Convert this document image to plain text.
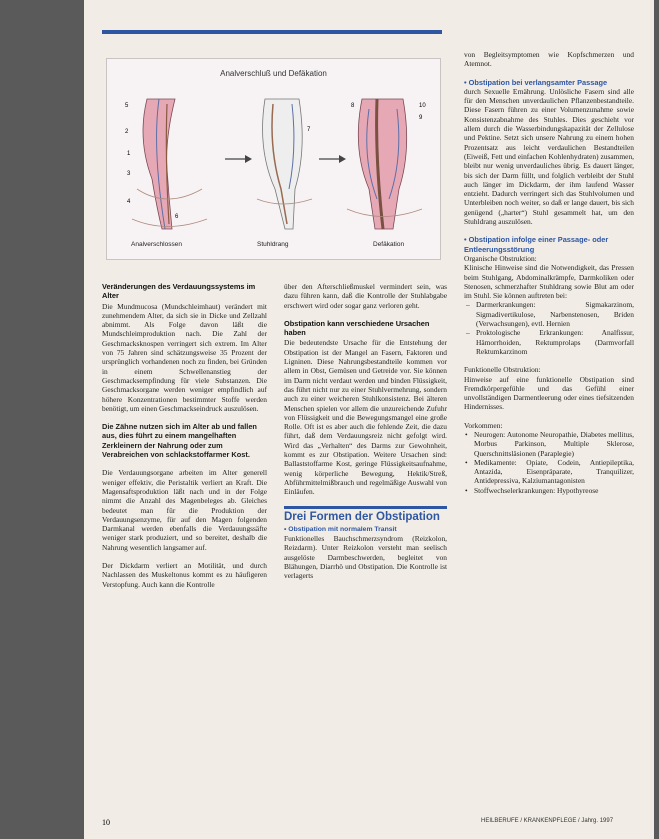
Analverschluß und Defäkation
5
2
1
3
4
6
7
8
9
10
Analverschlossen	Stuhldrang	Defäkation
Veränderungen des Verdauungssystems im Alter

Die Mundmucosa (Mundschleimhaut) verändert mit zunehmendem Alter, da sich sie in Dicke und Zellzahl abnimmt. Als Folge davon läßt die Mundschleimproduktion nach. Die Zahl der Geschmacksknospen verringert sich extrem. Im Alter von 75 Jahren sind schätzungsweise 35 Prozent der ursprünglich vorhandenen noch zu finden, bei Gründen in einem Schwellenanstieg der Geschmacksempfindung für viele Substanzen. Die Geschmacksorgane werden weniger empfindlich auf höhere Konzentrationen bestimmter Stoffe werden benötigt, um einen Geschmackseindruck auszulösen.

Die Zähne nutzen sich im Alter ab und fallen aus, dies führt zu einem mangelhaften Zerkleinern der Nahrung oder zum Verabreichen von schlackstoffarmer Kost.

Die Verdauungsorgane arbeiten im Alter generell weniger effektiv, die Peristaltik verliert an Kraft. Die Magensaftsproduktion läßt nach und in der Folge nimmt die Anzahl des Magenbeleges ab. Gleiches bedeutet man für die Produktion der Verdauungsenzyme, für auf den Magen folgenden Darmkanal werden ebenfalls die Verdauungssäfte weniger stark produziert, und so bereitet, deshalb die Nahrung wesentlich langsamer auf.

Der Dickdarm verliert an Motilität, und durch Nachlassen des Muskeltonus kommt es zu häufigeren Verstopfung. Auch kann die Kontrolle

über den Afterschließmuskel vermindert sein, was dazu führen kann, daß die Kontrolle der Stuhlabgabe erschwert wird oder sogar ganz verloren geht.

Obstipation kann verschiedene Ursachen haben

Die bedeutendste Ursache für die Entstehung der Obstipation ist der Mangel an Fasern, Faktoren und Ligninen. Diese Nahrungsbestandteile kommen vor allem in Obst, Gemüsen und Getreide vor. Sie können im Darm nicht verdaut werden und binden Flüssigkeit, das führt nicht nur zu einer Stuhlvermehrung, sondern auch zu einer weicheren Stuhlkonsistenz. Bei älteren Menschen spielen vor allem die unzureichende Zufuhr von Flüssigkeit und die Bewegungsmangel eine große Rolle. Oft ist es aber auch die fehlende Zeit, die dazu führt, daß dem Verdauungsreiz nicht gefolgt wird. Wird das „Verhalten“ des Darms zur Gewohnheit, kommt es zur Obstipation. Weitere Ursachen sind: Ballaststoffarme Kost, geringe Flüssigkeitsaufnahme, wenig körperliche Bewegung, Hektik/Streß, Abführmittelmißbrauch und regelmäßige Auswahl von Einläufen.

Drei Formen der Obstipation
• Obstipation mit normalem Transit

Funktionelles Bauchschmerzsyndrom (Reizkolon, Reizdarm). Unter Reizkolon versteht man seelisch ausgelöste Darmbeschwerden, begleitet von Blähungen, Diarrhö und Obstipation. Die Kontrolle ist verlagerts

von Begleitsymptomen wie Kopfschmerzen und Atemnot.

• Obstipation bei verlangsamter Passage

durch Sexuelle Ernährung. Unlösliche Fasern sind alle für den Menschen unverdaulichen Pflanzenbestandteile. Diese Fasern führen zu einer Volumenzunahme sowie Konsistenzabnahme des Stuhles. Dies geschieht vor allem durch die Wasserbindungskapazität der Zellulose und Pektine. Setzt sich unsere Nahrung zu einem hohen Prozentsatz aus leicht verdaulichen Bestandteilen (Eiweiß, Fett und einfachen Kohlenhydraten) zusammen, bleibt nur wenig unverdauliches übrig. Es dauert länger, bis sich der Darm füllt, und folglich verbleibt der Stuhl auch länger im Dickdarm, der ihm laufend Wasser entzieht. Dadurch verringert sich das Stuhlvolumen und Unterbleiben noch weiter, so daß er lange dauert, bis sich genügend („harter“) Stuhl gesammelt hat, um den Stuhldrang auszulösen.

• Obstipation infolge einer Passage- oder Entleerungsstörung
Organische Obstruktion:

Klinische Hinweise sind die Notwendigkeit, das Pressen beim Stuhlgang, Abdominalkrämpfe, Darmkoliken oder Stenosen, schmerzhafter Stuhldrang sowie Blut am oder im Stuhl. Sie können auftreten bei:

– Darmerkrankungen: Sigmakarzinom, Sigmadivertikulose, Narbenstenosen, Briden (Verwachsungen), evtl. Hernien
– Proktologische Erkrankungen: Analfissur, Hämorrhoiden, Rektumprolaps (Darmvorfall Rektumkarzinom
Funktionelle Obstruktion:

Hinweise auf eine funktionelle Obstipation sind Fremdkörpergefühle und das Gefühl einer unvollständigen Darmentleerung oder eines tiefsitzenden Hindernisses.

Vorkommen:
• Neurogen: Autonome Neuropathie, Diabetes mellitus, Morbus Parkinson, Multiple Sklerose, Querschnittsläsionen (Paraplegie)
• Medikamente: Opiate, Codein, Antiepileptika, Antazida, Eisenpräparate, Tranquilizer, Antidepressiva, Kalziumantagonisten
• Stoffwechselerkrankungen: Hypothyreose
10	HEILBERUFE / KRANKENPFLEGE / Jahrg. 1997
